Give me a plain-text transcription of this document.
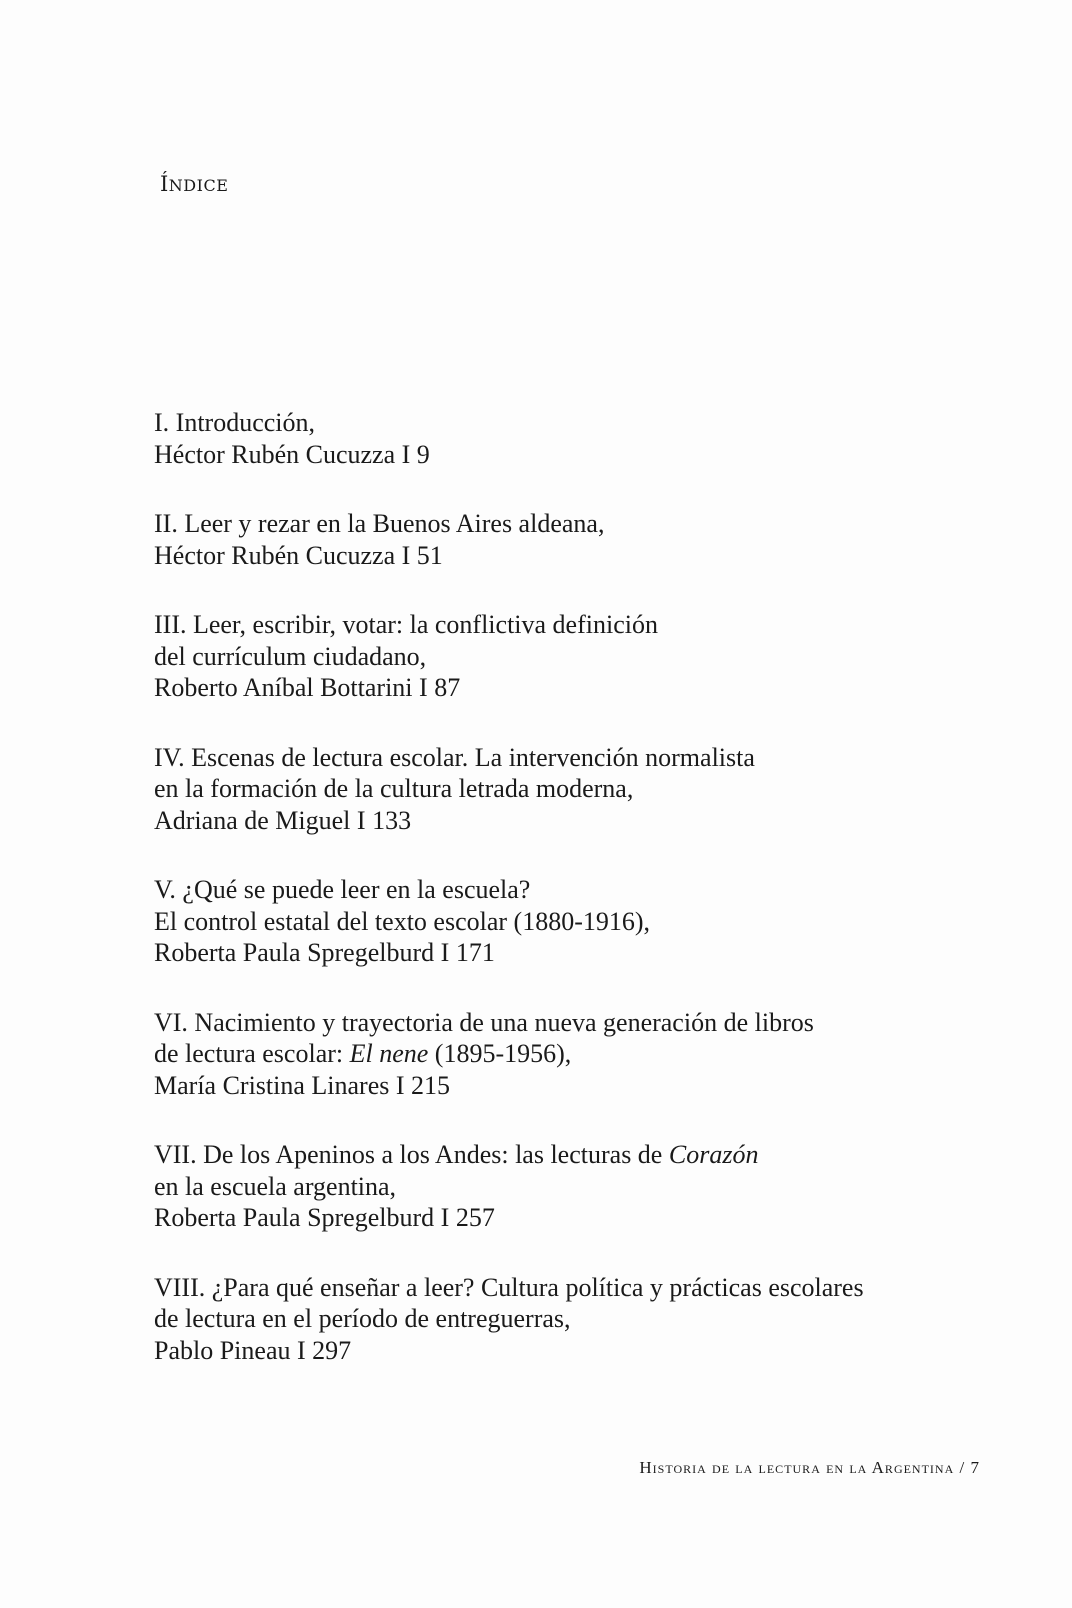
ÍNDICE
I. Introducción,
Héctor Rubén Cucuzza I 9
II. Leer y rezar en la Buenos Aires aldeana,
Héctor Rubén Cucuzza I 51
III. Leer, escribir, votar: la conflictiva definición
del currículum ciudadano,
Roberto Aníbal Bottarini I 87
IV. Escenas de lectura escolar. La intervención normalista
en la formación de la cultura letrada moderna,
Adriana de Miguel I 133
V. ¿Qué se puede leer en la escuela?
El control estatal del texto escolar (1880-1916),
Roberta Paula Spregelburd I 171
VI. Nacimiento y trayectoria de una nueva generación de libros
de lectura escolar: El nene (1895-1956),
María Cristina Linares I 215
VII. De los Apeninos a los Andes: las lecturas de Corazón
en la escuela argentina,
Roberta Paula Spregelburd I 257
VIII. ¿Para qué enseñar a leer? Cultura política y prácticas escolares
de lectura en el período de entreguerras,
Pablo Pineau I 297
Historia de la lectura en la Argentina / 7
